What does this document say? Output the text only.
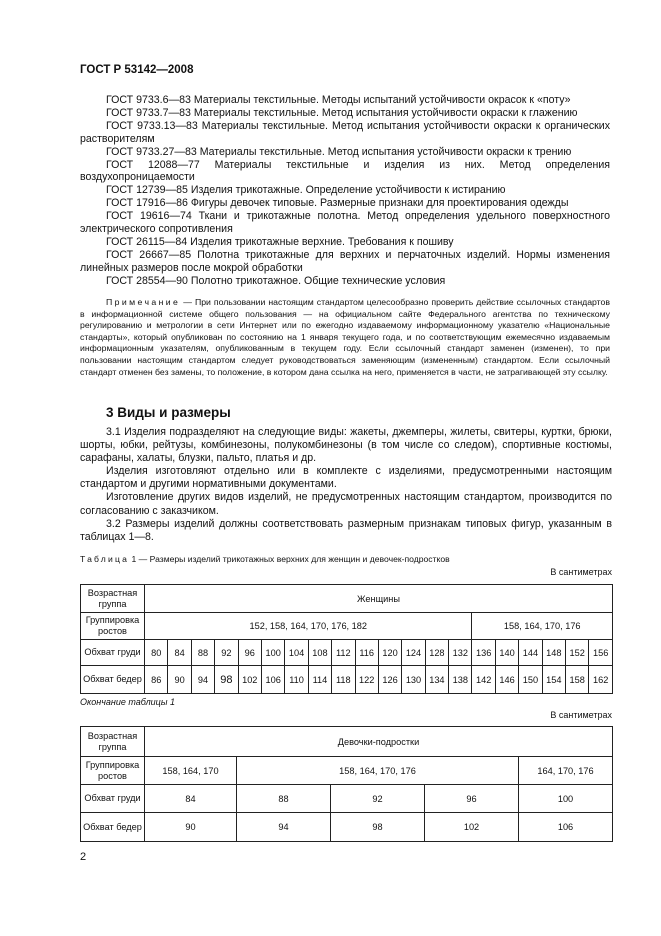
ГОСТ Р 53142—2008
ГОСТ 9733.6—83 Материалы текстильные. Методы испытаний устойчивости окрасок к «поту»
ГОСТ 9733.7—83 Материалы текстильные. Метод испытания устойчивости окраски к глажению
ГОСТ 9733.13—83 Материалы текстильные. Метод испытания устойчивости окраски к органических растворителям
ГОСТ 9733.27—83 Материалы текстильные. Метод испытания устойчивости окраски к трению
ГОСТ 12088—77 Материалы текстильные и изделия из них. Метод определения воздухопроницаемости
ГОСТ 12739—85 Изделия трикотажные. Определение устойчивости к истиранию
ГОСТ 17916—86 Фигуры девочек типовые. Размерные признаки для проектирования одежды
ГОСТ 19616—74 Ткани и трикотажные полотна. Метод определения удельного поверхностного электрического сопротивления
ГОСТ 26115—84 Изделия трикотажные верхние. Требования к пошиву
ГОСТ 26667—85 Полотна трикотажные для верхних и перчаточных изделий. Нормы изменения линейных размеров после мокрой обработки
ГОСТ 28554—90 Полотно трикотажное. Общие технические условия
Примечание — При пользовании настоящим стандартом целесообразно проверить действие ссылочных стандартов в информационной системе общего пользования — на официальном сайте Федерального агентства по техническому регулированию и метрологии в сети Интернет или по ежегодно издаваемому информационному указателю «Национальные стандарты», который опубликован по состоянию на 1 января текущего года, и по соответствующим ежемесячно издаваемым информационным указателям, опубликованным в текущем году. Если ссылочный стандарт заменен (изменен), то при пользовании настоящим стандартом следует руководствоваться заменяющим (измененным) стандартом. Если ссылочный стандарт отменен без замены, то положение, в котором дана ссылка на него, применяется в части, не затрагивающей эту ссылку.
3 Виды и размеры

3.1 Изделия подразделяют на следующие виды: жакеты, джемперы, жилеты, свитеры, куртки, брюки, шорты, юбки, рейтузы, комбинезоны, полукомбинезоны (в том числе со следом), спортивные костюмы, сарафаны, халаты, блузки, пальто, платья и др.

Изделия изготовляют отдельно или в комплекте с изделиями, предусмотренными настоящим стандартом и другими нормативными документами.

Изготовление других видов изделий, не предусмотренных настоящим стандартом, производится по согласованию с заказчиком.

3.2 Размеры изделий должны соответствовать размерным признакам типовых фигур, указанным в таблицах 1—8.

Таблица 1 — Размеры изделий трикотажных верхних для женщин и девочек-подростков
В сантиметрах
Возрастная группа	Женщины																			
Группировка ростов	152, 158, 164, 170, 176, 182														158, 164, 170, 176					
Обхват груди	80	84	88	92	96	100	104	108	112	116	120	124	128	132	136	140	144	148	152	156
Обхват бедер	86	90	94	98	102	106	110	114	118	122	126	130	134	138	142	146	150	154	158	162
Окончание таблицы 1
В сантиметрах
Возрастная группа	Девочки-подростки				
Группировка ростов	158, 164, 170	158, 164, 170, 176			164, 170, 176
Обхват груди	84	88	92	96	100
Обхват бедер	90	94	98	102	106
2
